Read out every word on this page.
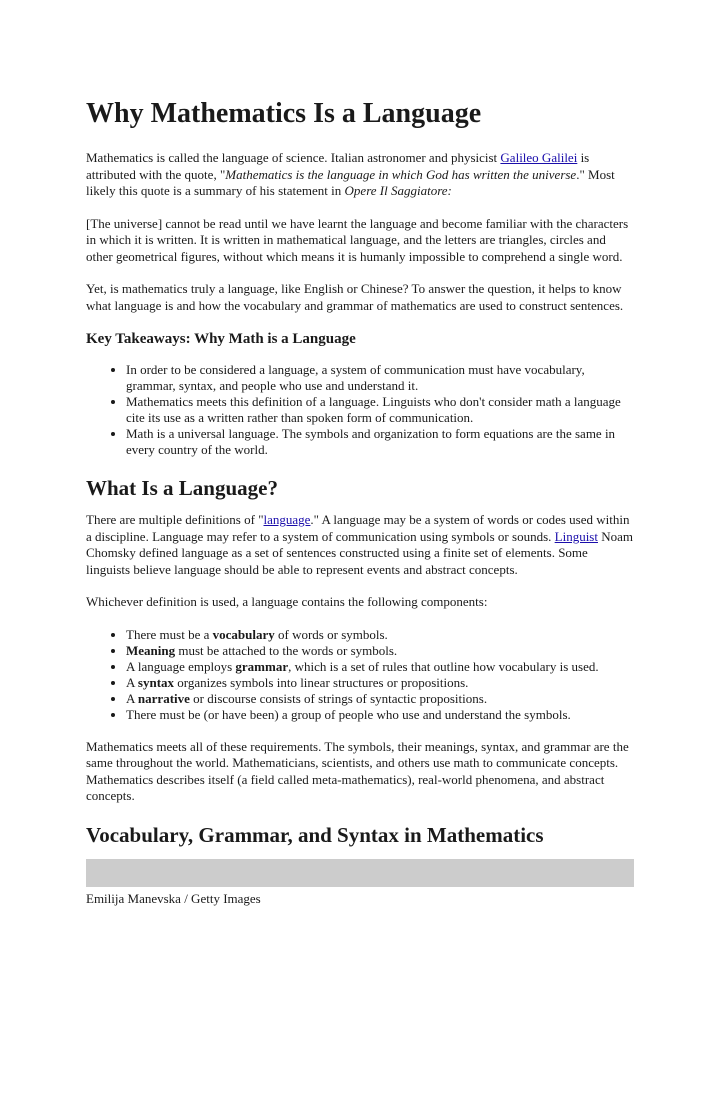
Why Mathematics Is a Language

Mathematics is called the language of science. Italian astronomer and physicist Galileo Galilei is attributed with the quote, "Mathematics is the language in which God has written the universe." Most likely this quote is a summary of his statement in Opere Il Saggiatore:

[The universe] cannot be read until we have learnt the language and become familiar with the characters in which it is written. It is written in mathematical language, and the letters are triangles, circles and other geometrical figures, without which means it is humanly impossible to comprehend a single word.

Yet, is mathematics truly a language, like English or Chinese? To answer the question, it helps to know what language is and how the vocabulary and grammar of mathematics are used to construct sentences.

Key Takeaways: Why Math is a Language
• In order to be considered a language, a system of communication must have vocabulary, grammar, syntax, and people who use and understand it.
• Mathematics meets this definition of a language. Linguists who don't consider math a language cite its use as a written rather than spoken form of communication.
• Math is a universal language. The symbols and organization to form equations are the same in every country of the world.
What Is a Language?

There are multiple definitions of "language." A language may be a system of words or codes used within a discipline. Language may refer to a system of communication using symbols or sounds. Linguist Noam Chomsky defined language as a set of sentences constructed using a finite set of elements. Some linguists believe language should be able to represent events and abstract concepts.

Whichever definition is used, a language contains the following components:

• There must be a vocabulary of words or symbols.
• Meaning must be attached to the words or symbols.
• A language employs grammar, which is a set of rules that outline how vocabulary is used.
• A syntax organizes symbols into linear structures or propositions.
• A narrative or discourse consists of strings of syntactic propositions.
• There must be (or have been) a group of people who use and understand the symbols.

Mathematics meets all of these requirements. The symbols, their meanings, syntax, and grammar are the same throughout the world. Mathematicians, scientists, and others use math to communicate concepts. Mathematics describes itself (a field called meta-mathematics), real-world phenomena, and abstract concepts.

Vocabulary, Grammar, and Syntax in Mathematics

Emilija Manevska / Getty Images
